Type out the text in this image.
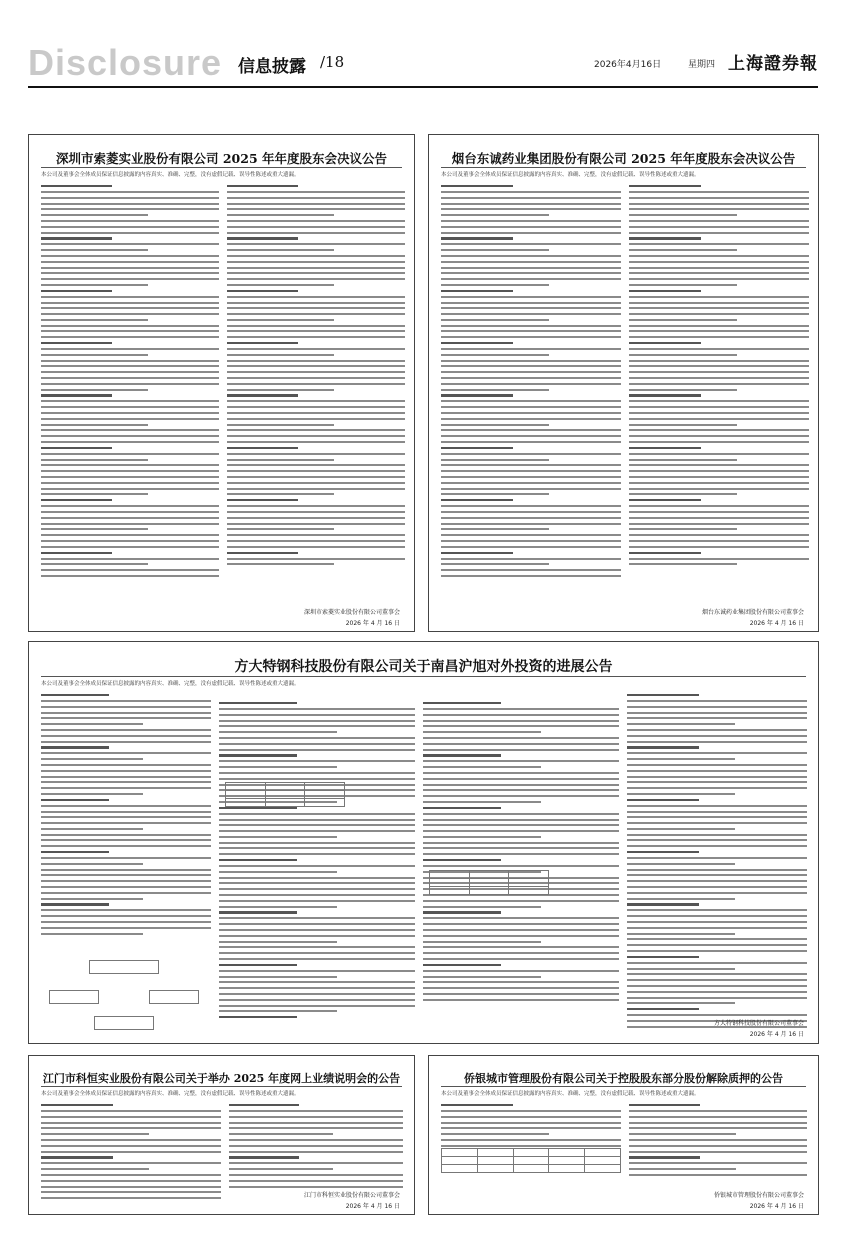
Disclosure 信息披露 /18	2026年4月16日	星期四 上海證券報
深圳市索菱实业股份有限公司 2025 年年度股东会决议公告
本公司及董事会全体成员保证信息披露的内容真实、准确、完整，没有虚假记载、误导性陈述或重大遗漏。
深圳市索菱实业股份有限公司董事会
2026 年 4 月 16 日
烟台东诚药业集团股份有限公司 2025 年年度股东会决议公告
本公司及董事会全体成员保证信息披露的内容真实、准确、完整，没有虚假记载、误导性陈述或重大遗漏。
烟台东诚药业集团股份有限公司董事会
2026 年 4 月 16 日
方大特钢科技股份有限公司关于南昌沪旭对外投资的进展公告
本公司及董事会全体成员保证信息披露的内容真实、准确、完整，没有虚假记载、误导性陈述或重大遗漏。

方大特钢科技股份有限公司董事会
2026 年 4 月 16 日
江门市科恒实业股份有限公司关于举办 2025 年度网上业绩说明会的公告
本公司及董事会全体成员保证信息披露的内容真实、准确、完整，没有虚假记载、误导性陈述或重大遗漏。
江门市科恒实业股份有限公司董事会
2026 年 4 月 16 日
侨银城市管理股份有限公司关于控股股东部分股份解除质押的公告
本公司及董事会全体成员保证信息披露的内容真实、准确、完整，没有虚假记载、误导性陈述或重大遗漏。

侨银城市管理股份有限公司董事会
2026 年 4 月 16 日
